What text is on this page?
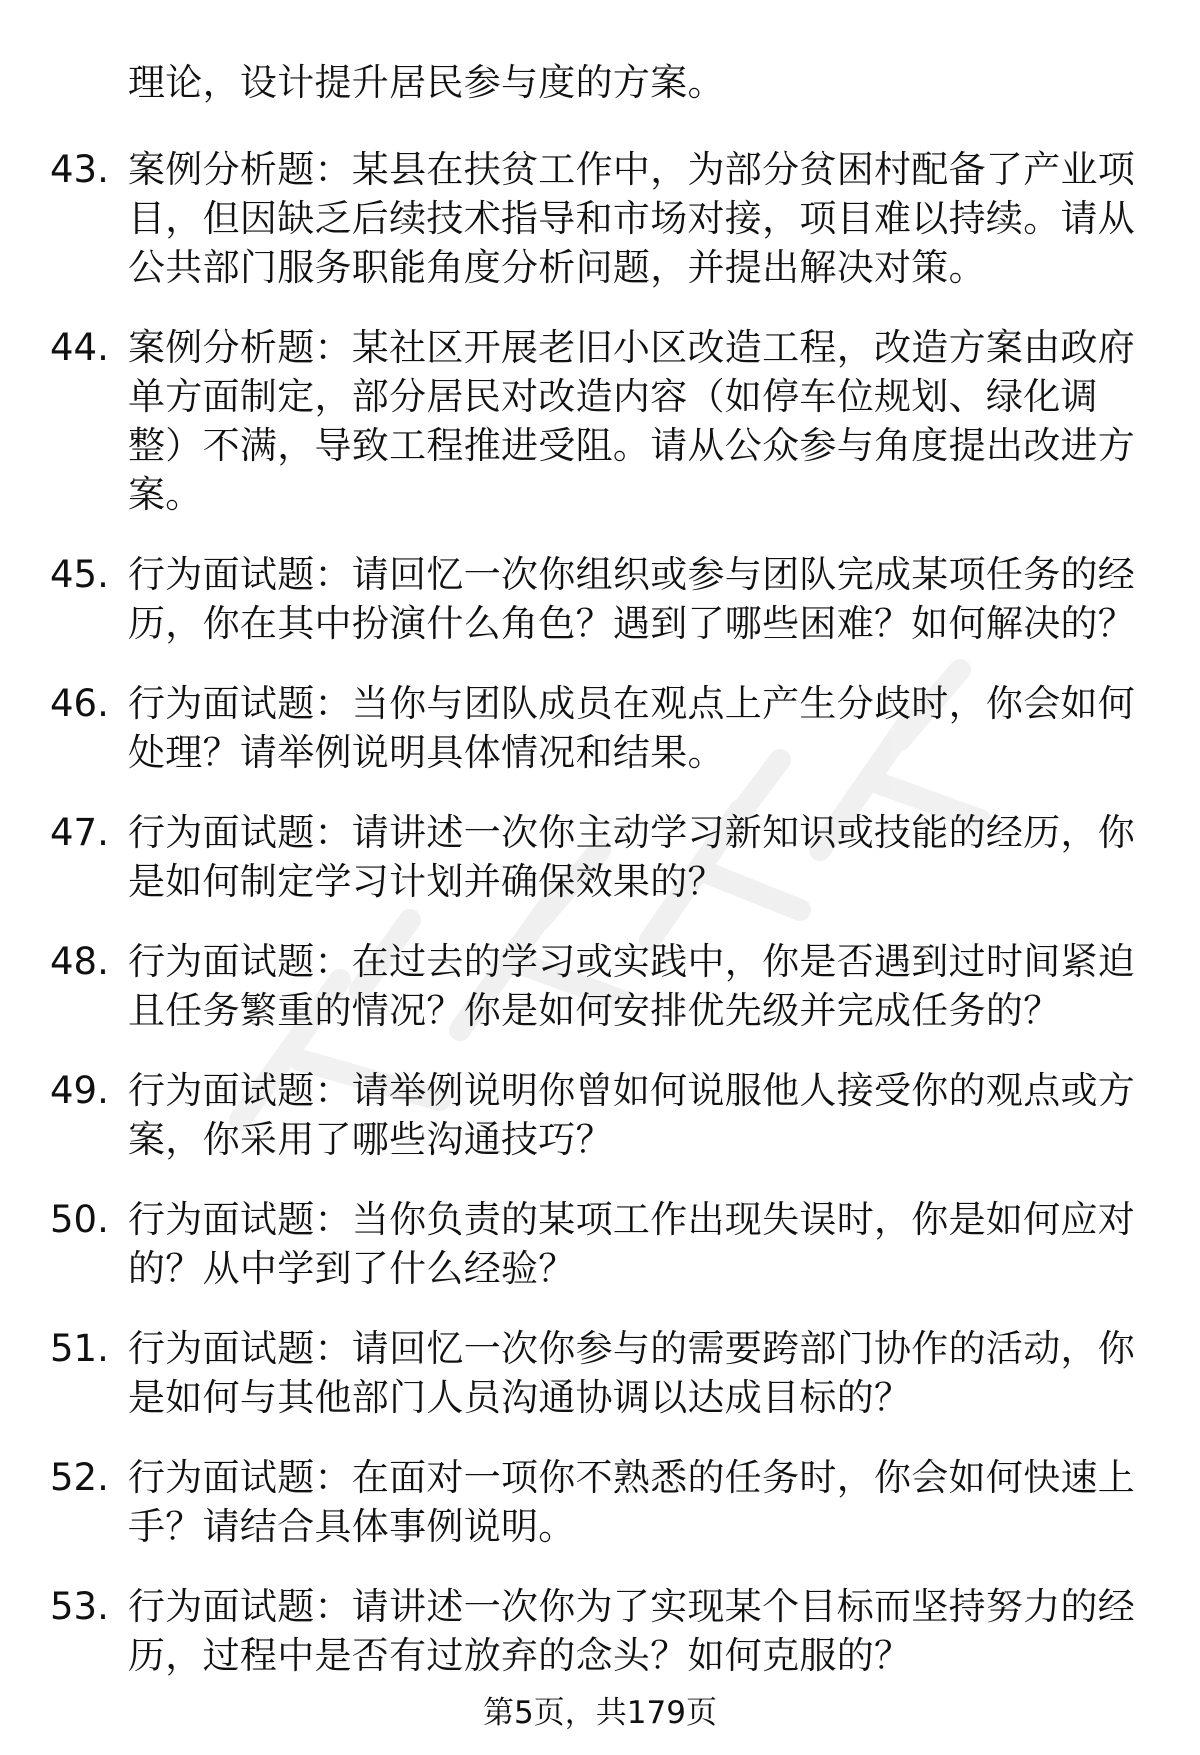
理论，设计提升居民参与度的方案。
43. 案例分析题：某县在扶贫工作中，为部分贫困村配备了产业项目，但因缺乏后续技术指导和市场对接，项目难以持续。请从公共部门服务职能角度分析问题，并提出解决对策。
44. 案例分析题：某社区开展老旧小区改造工程，改造方案由政府单方面制定，部分居民对改造内容（如停车位规划、绿化调整）不满，导致工程推进受阻。请从公众参与角度提出改进方案。
45. 行为面试题：请回忆一次你组织或参与团队完成某项任务的经历，你在其中扮演什么角色？遇到了哪些困难？如何解决的？
46. 行为面试题：当你与团队成员在观点上产生分歧时，你会如何处理？请举例说明具体情况和结果。
47. 行为面试题：请讲述一次你主动学习新知识或技能的经历，你是如何制定学习计划并确保效果的？
48. 行为面试题：在过去的学习或实践中，你是否遇到过时间紧迫且任务繁重的情况？你是如何安排优先级并完成任务的？
49. 行为面试题：请举例说明你曾如何说服他人接受你的观点或方案，你采用了哪些沟通技巧？
50. 行为面试题：当你负责的某项工作出现失误时，你是如何应对的？从中学到了什么经验？
51. 行为面试题：请回忆一次你参与的需要跨部门协作的活动，你是如何与其他部门人员沟通协调以达成目标的？
52. 行为面试题：在面对一项你不熟悉的任务时，你会如何快速上手？请结合具体事例说明。
53. 行为面试题：请讲述一次你为了实现某个目标而坚持努力的经历，过程中是否有过放弃的念头？如何克服的？
第5页，共179页
